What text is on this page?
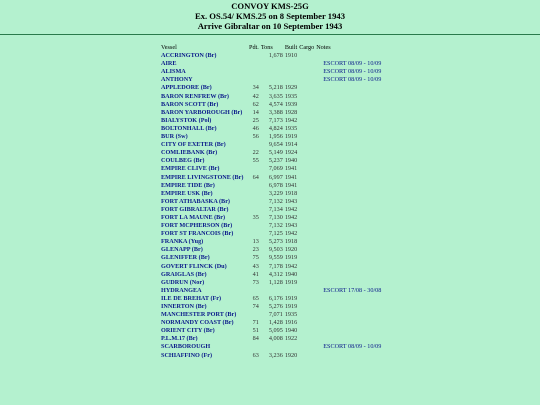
CONVOY KMS-25G
Ex. OS.54/ KMS.25 on 8 September 1943
Arrive Gibraltar on 10 September 1943
Vessel	Pdt.	Tons	Built	Cargo	Notes
ACCRINGTON (Br)		1,678	1910		
AIRE					ESCORT 08/09 - 10/09
ALISMA					ESCORT 08/09 - 10/09
ANTHONY					ESCORT 08/09 - 10/09
APPLEDORE (Br)	34	5,218	1929		
BARON RENFREW (Br)	42	3,635	1935		
BARON SCOTT (Br)	62	4,574	1939		
BARON YARBOROUGH (Br)	14	3,388	1928		
BIALYSTOK (Pol)	25	7,173	1942		
BOLTONHALL (Br)	46	4,824	1935		
BUR (Sw)	56	1,956	1919		
CITY OF EXETER (Br)		9,654	1914		
COMLIEBANK (Br)	22	5,149	1924		
COULBEG (Br)	55	5,237	1940		
EMPIRE CLIVE (Br)		7,069	1941		
EMPIRE LIVINGSTONE (Br)	64	6,997	1941		
EMPIRE TIDE (Br)		6,978	1941		
EMPIRE USK (Br)		3,229	1918		
FORT ATHABASKA (Br)		7,132	1943		
FORT GIBRALTAR (Br)		7,134	1942		
FORT LA MAUNE (Br)	35	7,130	1942		
FORT MCPHERSON (Br)		7,132	1943		
FORT ST FRANCOIS (Br)		7,125	1942		
FRANKA (Yug)	13	5,273	1918		
GLENAPP (Br)	23	9,503	1920		
GLENIFFER (Br)	75	9,559	1919		
GOVERT FLINCK (Du)	43	7,178	1942		
GRAIGLAS (Br)	41	4,312	1940		
GUDRUN (Nor)	73	1,128	1919		
HYDRANGEA					ESCORT 17/08 - 30/08
ILE DE BREHAT (Fr)	65	6,176	1919		
INNERTON (Br)	74	5,276	1919		
MANCHESTER PORT (Br)		7,071	1935		
NORMANDY COAST (Br)	71	1,428	1916		
ORIENT CITY (Br)	51	5,095	1940		
P.L.M.17 (Br)	84	4,008	1922		
SCARBOROUGH					ESCORT 08/09 - 10/09
SCHIAFFINO (Fr)	63	3,236	1920		
